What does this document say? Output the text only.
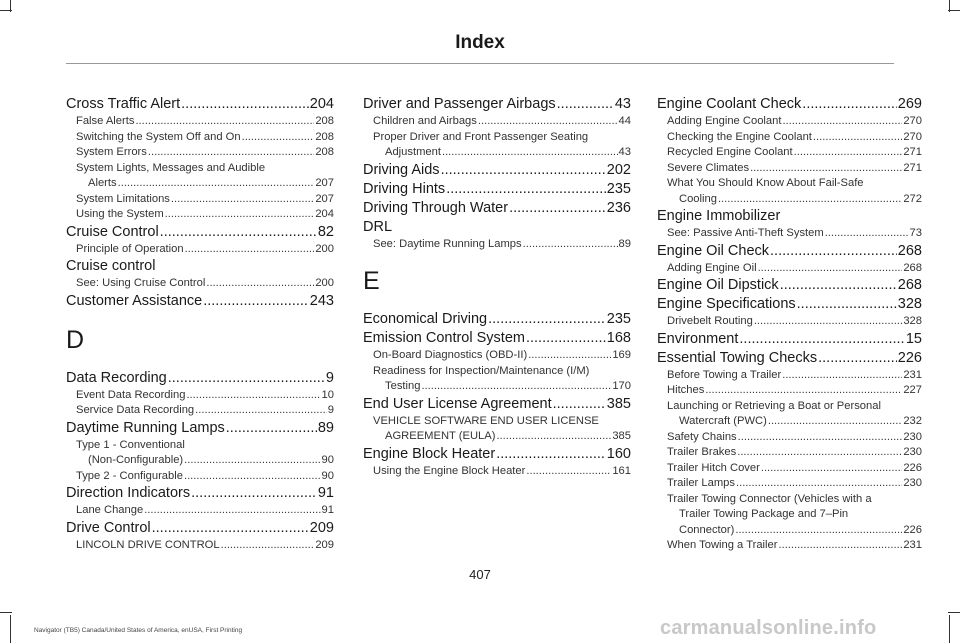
Index
Cross Traffic Alert .....	204
False Alerts .....	208
Switching the System Off and On .....	208
System Errors .....	208
System Lights, Messages and Audible
Alerts .....	207
System Limitations .....	207
Using the System .....	204
Cruise Control .....	82
Principle of Operation .....	200
Cruise control
See: Using Cruise Control .....	200
Customer Assistance .....	243
D
Data Recording .....	9
Event Data Recording .....	10
Service Data Recording .....	9
Daytime Running Lamps .....	89
Type 1 - Conventional
(Non-Configurable) .....	90
Type 2 - Configurable .....	90
Direction Indicators .....	91
Lane Change .....	91
Drive Control .....	209
LINCOLN DRIVE CONTROL .....	209
Driver and Passenger Airbags .....	43
Children and Airbags .....	44
Proper Driver and Front Passenger Seating
Adjustment .....	43
Driving Aids .....	202
Driving Hints .....	235
Driving Through Water .....	236
DRL
See: Daytime Running Lamps .....	89
E
Economical Driving .....	235
Emission Control System .....	168
On-Board Diagnostics (OBD-II) .....	169
Readiness for Inspection/Maintenance (I/M)
Testing .....	170
End User License Agreement .....	385
VEHICLE SOFTWARE END USER LICENSE
AGREEMENT (EULA) .....	385
Engine Block Heater .....	160
Using the Engine Block Heater .....	161
Engine Coolant Check .....	269
Adding Engine Coolant .....	270
Checking the Engine Coolant .....	270
Recycled Engine Coolant .....	271
Severe Climates .....	271
What You Should Know About Fail-Safe
Cooling .....	272
Engine Immobilizer
See: Passive Anti-Theft System .....	73
Engine Oil Check .....	268
Adding Engine Oil .....	268
Engine Oil Dipstick .....	268
Engine Specifications .....	328
Drivebelt Routing .....	328
Environment .....	15
Essential Towing Checks .....	226
Before Towing a Trailer .....	231
Hitches .....	227
Launching or Retrieving a Boat or Personal
Watercraft (PWC) .....	232
Safety Chains .....	230
Trailer Brakes .....	230
Trailer Hitch Cover .....	226
Trailer Lamps .....	230
Trailer Towing Connector (Vehicles with a
Trailer Towing Package and 7–Pin
Connector) .....	226
When Towing a Trailer .....	231
407
Navigator (TB5) Canada/United States of America, enUSA, First Printing	carmanualsonline.info
